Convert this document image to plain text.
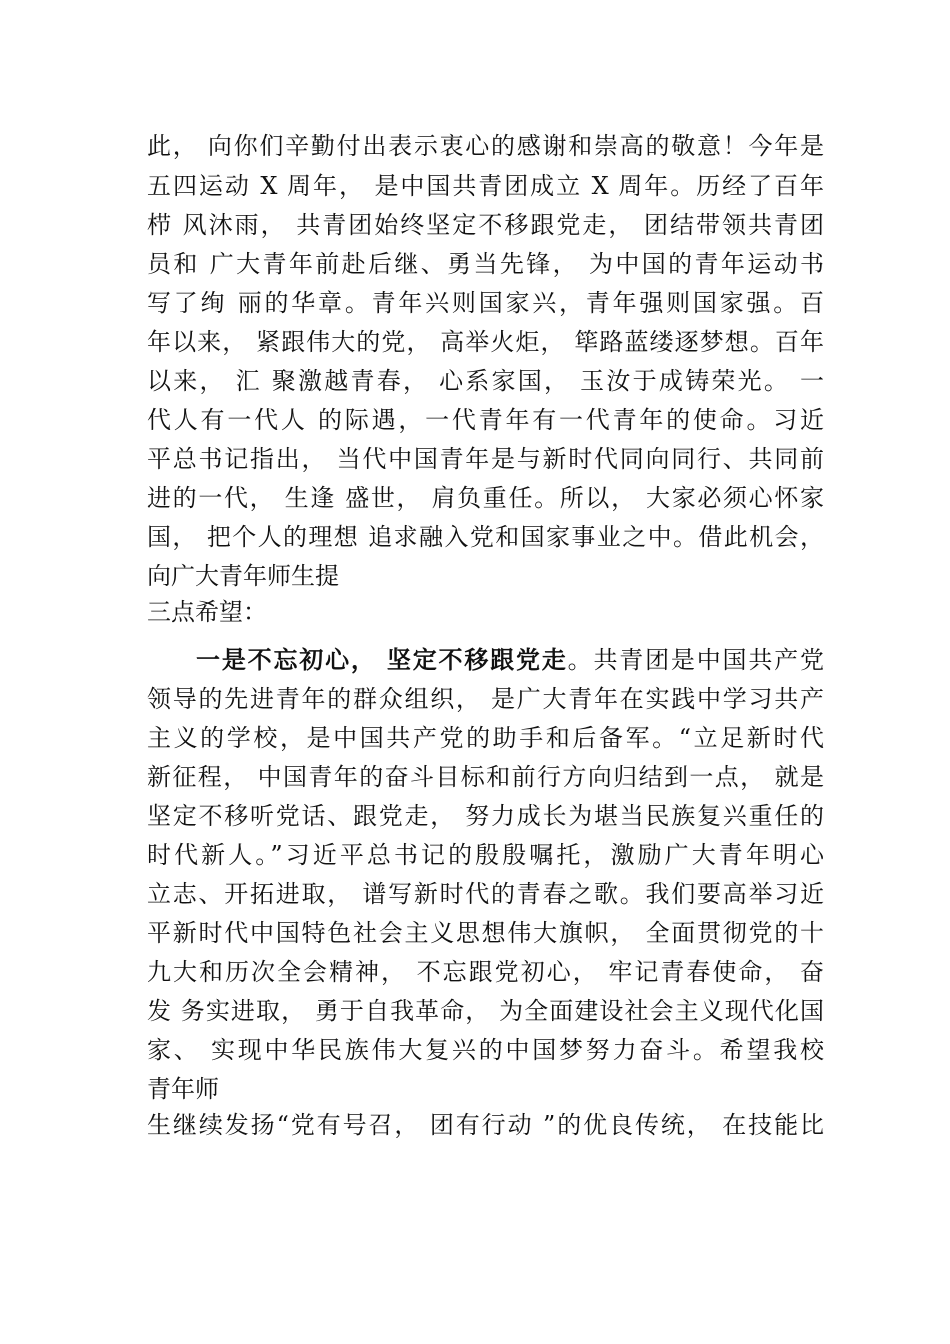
此， 向你们辛勤付出表示衷心的感谢和崇高的敬意！今年是

五四运动 X 周年， 是中国共青团成立 X 周年。历经了百年

栉 风沐雨， 共青团始终坚定不移跟党走， 团结带领共青团

员和 广大青年前赴后继、勇当先锋， 为中国的青年运动书

写了绚 丽的华章。青年兴则国家兴，青年强则国家强。百

年以来， 紧跟伟大的党， 高举火炬， 筚路蓝缕逐梦想。百年

以来， 汇 聚激越青春， 心系家国， 玉汝于成铸荣光。 一

代人有一代人 的际遇，一代青年有一代青年的使命。习近

平总书记指出， 当代中国青年是与新时代同向同行、共同前

进的一代， 生逢 盛世， 肩负重任。所以， 大家必须心怀家

国， 把个人的理想 追求融入党和国家事业之中。借此机会，

向广大青年师生提

三点希望：

一是不忘初心， 坚定不移跟党走。共青团是中国共产党

领导的先进青年的群众组织， 是广大青年在实践中学习共产

主义的学校，是中国共产党的助手和后备军。“立足新时代

新征程， 中国青年的奋斗目标和前行方向归结到一点， 就是

坚定不移听党话、跟党走， 努力成长为堪当民族复兴重任的

时代新人。”习近平总书记的殷殷嘱托，激励广大青年明心

立志、开拓进取， 谱写新时代的青春之歌。我们要高举习近

平新时代中国特色社会主义思想伟大旗帜， 全面贯彻党的十

九大和历次全会精神， 不忘跟党初心， 牢记青春使命， 奋

发 务实进取， 勇于自我革命， 为全面建设社会主义现代化国

家、 实现中华民族伟大复兴的中国梦努力奋斗。希望我校

青年师

生继续发扬“党有号召， 团有行动 ”的优良传统， 在技能比
